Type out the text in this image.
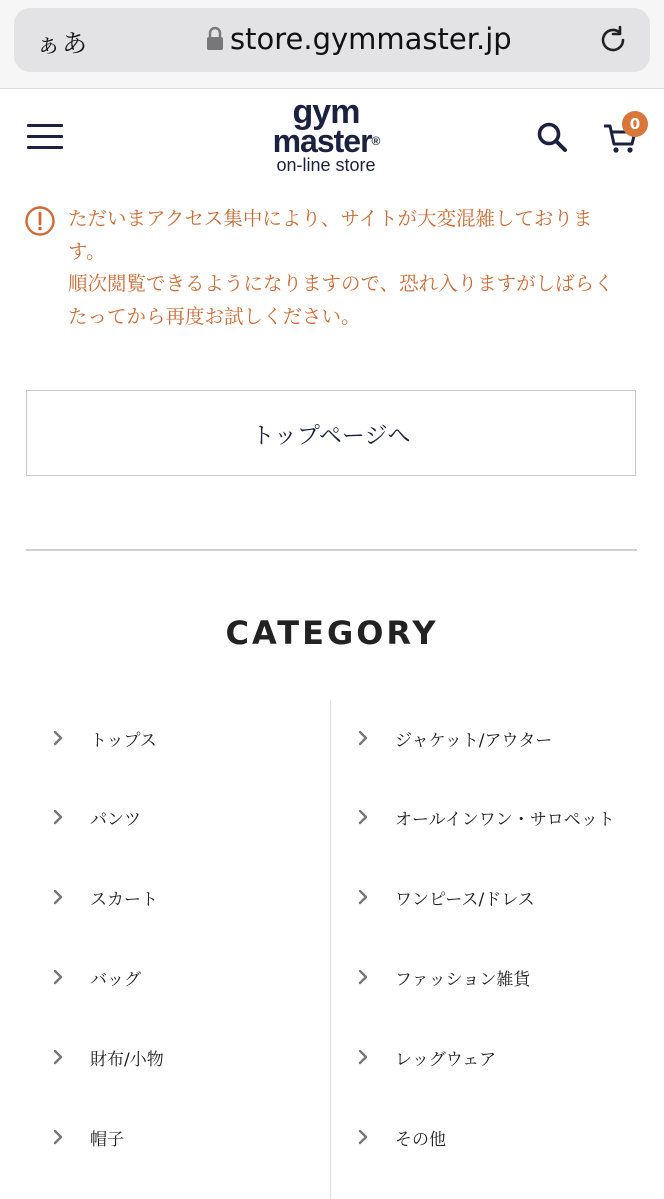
ぁあ	store.gymmaster.jp
gym
master®
on-line store
0
ただいまアクセス集中により、サイトが大変混雑しておりま
す。
順次閲覧できるようになりますので、恐れ入りますがしばらく
たってから再度お試しください。
トップページへ
CATEGORY
トップス
パンツ
スカート
バッグ
財布/小物
帽子
ジャケット/アウター
オールインワン・サロペット
ワンピース/ドレス
ファッション雑貨
レッグウェア
その他
